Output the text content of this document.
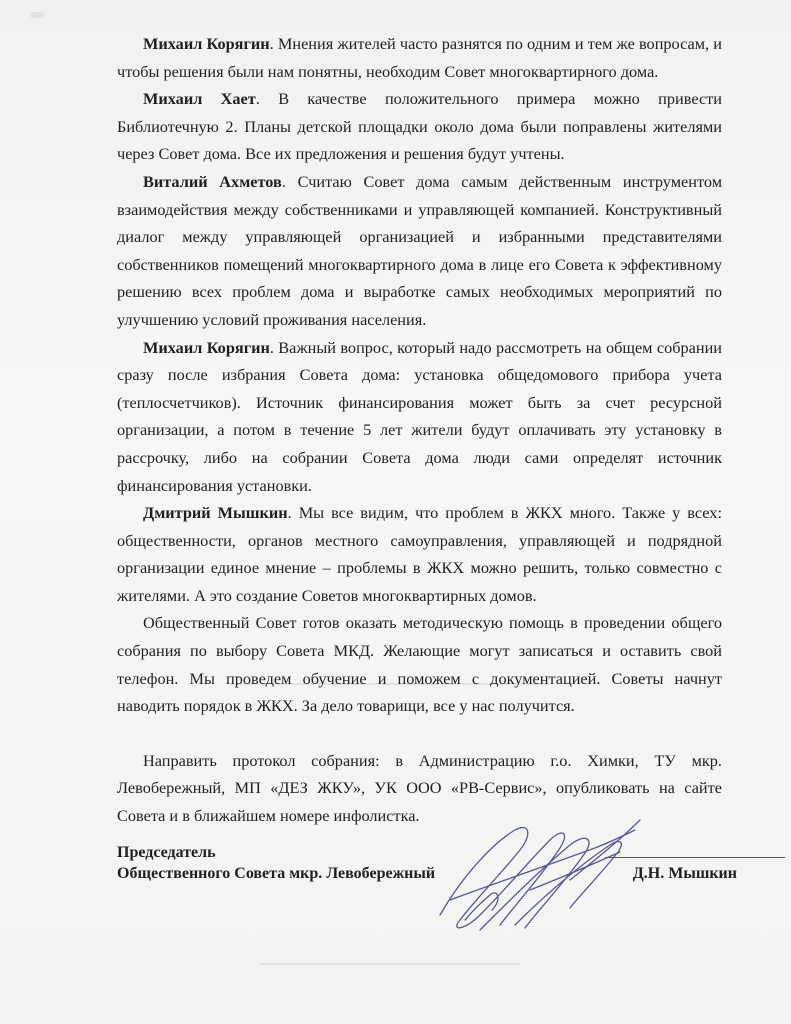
Михаил Корягин. Мнения жителей часто разнятся по одним и тем же вопросам, и чтобы решения были нам понятны, необходим Совет многоквартирного дома.

Михаил Хает. В качестве положительного примера можно привести Библиотечную 2. Планы детской площадки около дома были поправлены жителями через Совет дома. Все их предложения и решения будут учтены.

Виталий Ахметов. Считаю Совет дома самым действенным инструментом взаимодействия между собственниками и управляющей компанией. Конструктивный диалог между управляющей организацией и избранными представителями собственников помещений многоквартирного дома в лице его Совета к эффективному решению всех проблем дома и выработке самых необходимых мероприятий по улучшению условий проживания населения.

Михаил Корягин. Важный вопрос, который надо рассмотреть на общем собрании сразу после избрания Совета дома: установка общедомового прибора учета (теплосчетчиков). Источник финансирования может быть за счет ресурсной организации, а потом в течение 5 лет жители будут оплачивать эту установку в рассрочку, либо на собрании Совета дома люди сами определят источник финансирования установки.

Дмитрий Мышкин. Мы все видим, что проблем в ЖКХ много. Также у всех: общественности, органов местного самоуправления, управляющей и подрядной организации единое мнение – проблемы в ЖКХ можно решить, только совместно с жителями. А это создание Советов многоквартирных домов.

Общественный Совет готов оказать методическую помощь в проведении общего собрания по выбору Совета МКД. Желающие могут записаться и оставить свой телефон. Мы проведем обучение и поможем с документацией. Советы начнут наводить порядок в ЖКХ. За дело товарищи, все у нас получится.

Направить протокол собрания: в Администрацию г.о. Химки, ТУ мкр. Левобережный, МП «ДЕЗ ЖКУ», УК ООО «РВ-Сервис», опубликовать на сайте Совета и в ближайшем номере инфолистка.

Председатель
Общественного Совета мкр. Левобережный	Д.Н. Мышкин
